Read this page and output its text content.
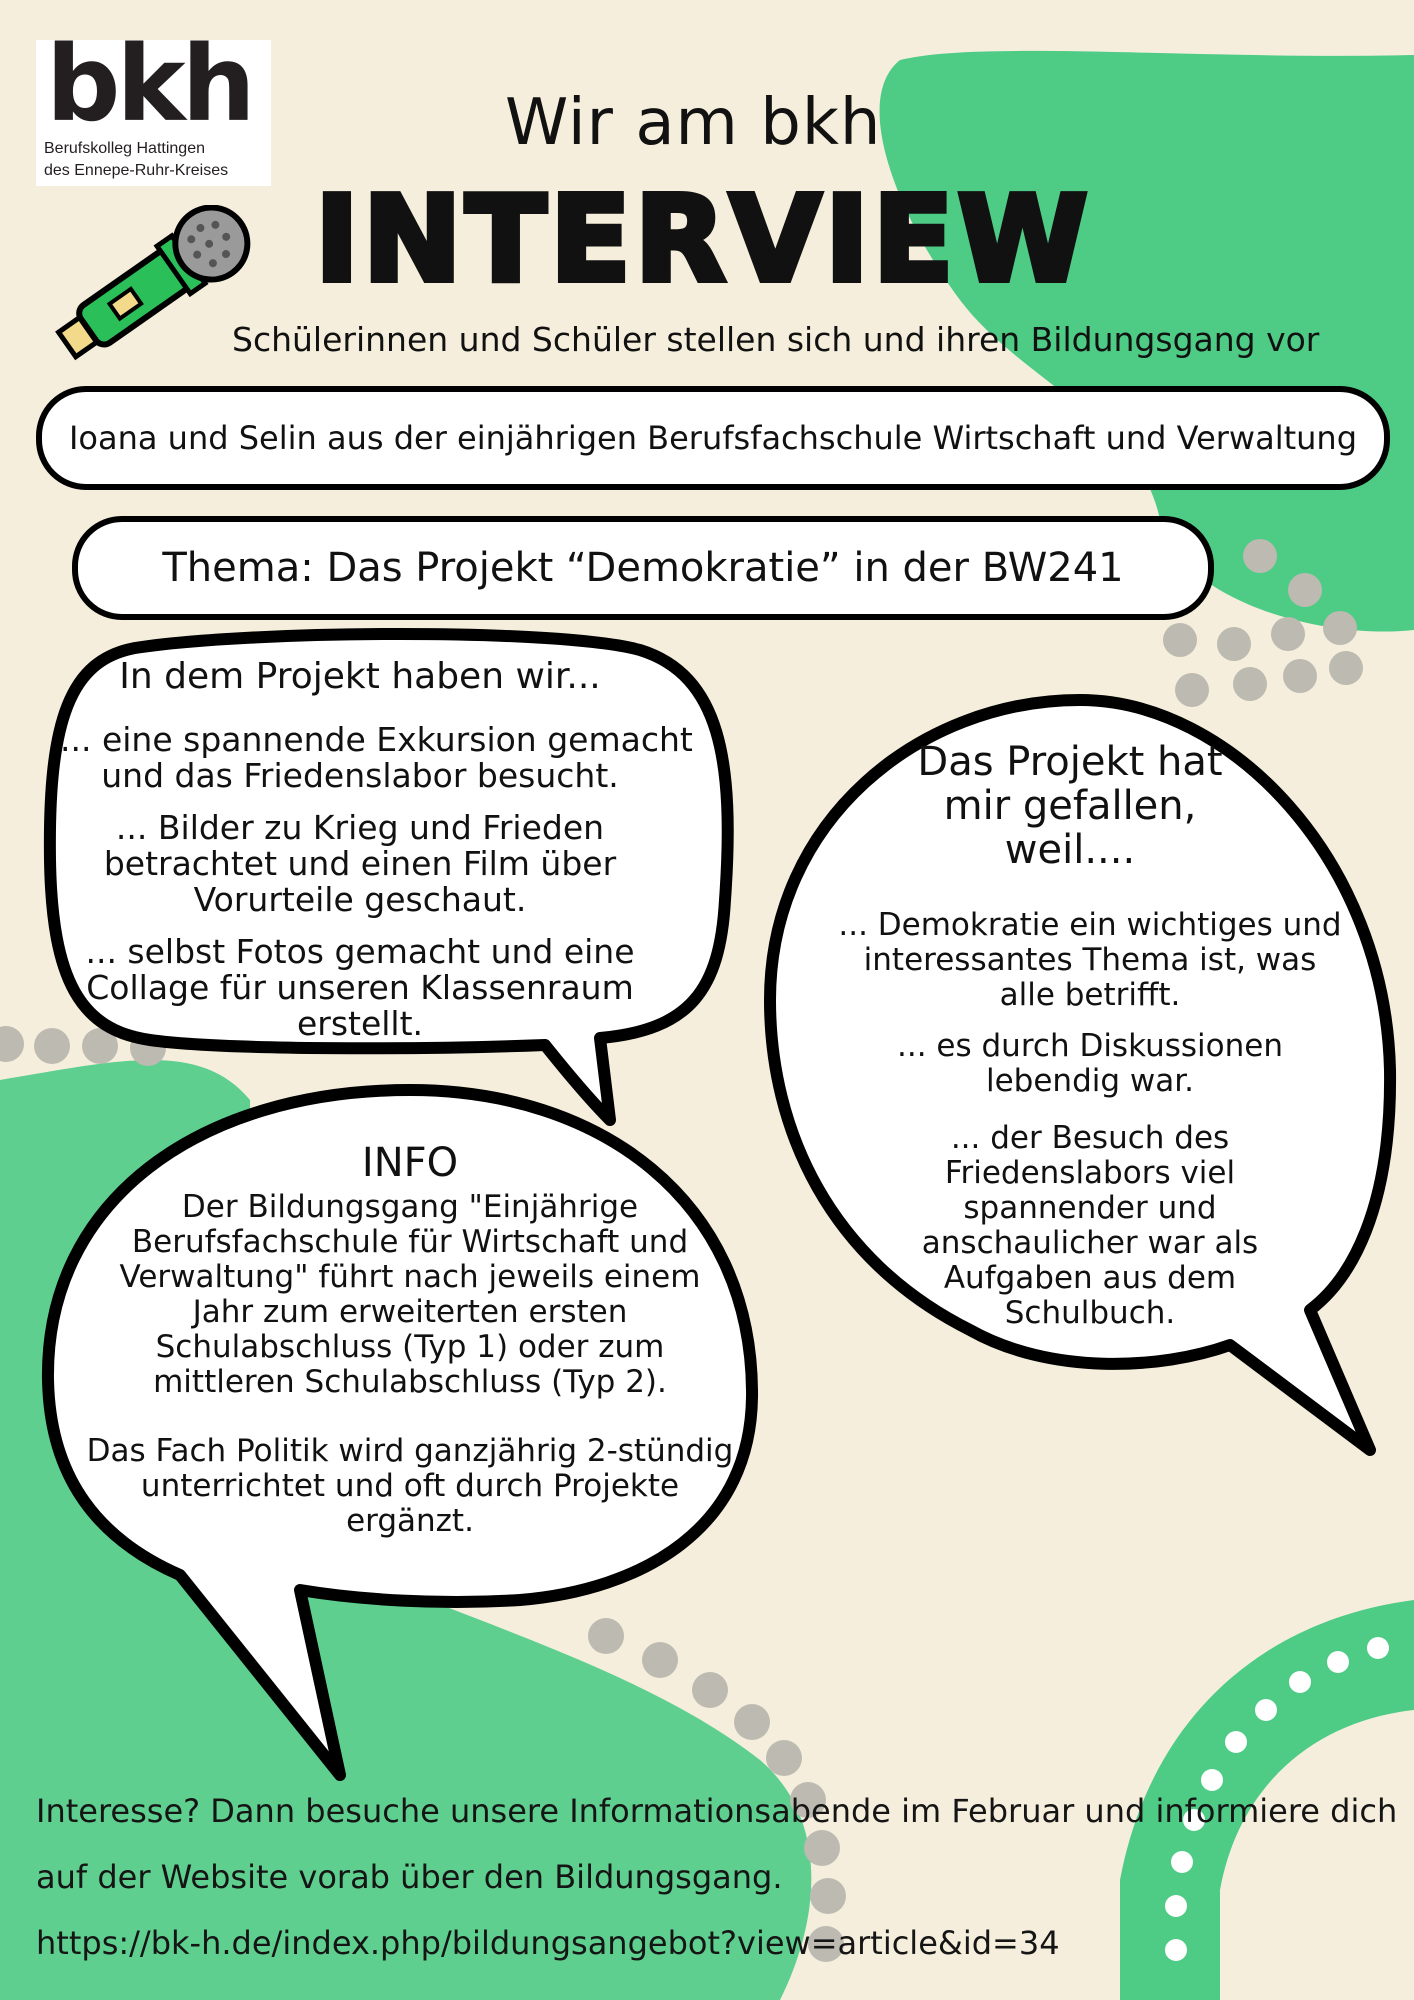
bkh
Berufskolleg Hattingen
des Ennepe-Ruhr-Kreises
Wir am bkh
INTERVIEW
Schülerinnen und Schüler stellen sich und ihren Bildungsgang vor
Ioana und Selin aus der einjährigen Berufsfachschule Wirtschaft und Verwaltung
Thema: Das Projekt “Demokratie” in der BW241
In dem Projekt haben wir...
... eine spannende Exkursion gemacht
und das Friedenslabor besucht.
... Bilder zu Krieg und Frieden
betrachtet und einen Film über
Vorurteile geschaut.
... selbst Fotos gemacht und eine
Collage für unseren Klassenraum
erstellt.
Das Projekt hat
mir gefallen,
weil....
... Demokratie ein wichtiges und
interessantes Thema ist, was
alle betrifft.
... es durch Diskussionen
lebendig war.
... der Besuch des
Friedenslabors viel
spannender und
anschaulicher war als
Aufgaben aus dem
Schulbuch.
INFO
Der Bildungsgang "Einjährige
Berufsfachschule für Wirtschaft und
Verwaltung" führt nach jeweils einem
Jahr zum erweiterten ersten
Schulabschluss (Typ 1) oder zum
mittleren Schulabschluss (Typ 2).
Das Fach Politik wird ganzjährig 2-stündig
unterrichtet und oft durch Projekte
ergänzt.
Interesse? Dann besuche unsere Informationsabende im Februar und informiere dich
auf der Website vorab über den Bildungsgang.
https://bk-h.de/index.php/bildungsangebot?view=article&id=34
